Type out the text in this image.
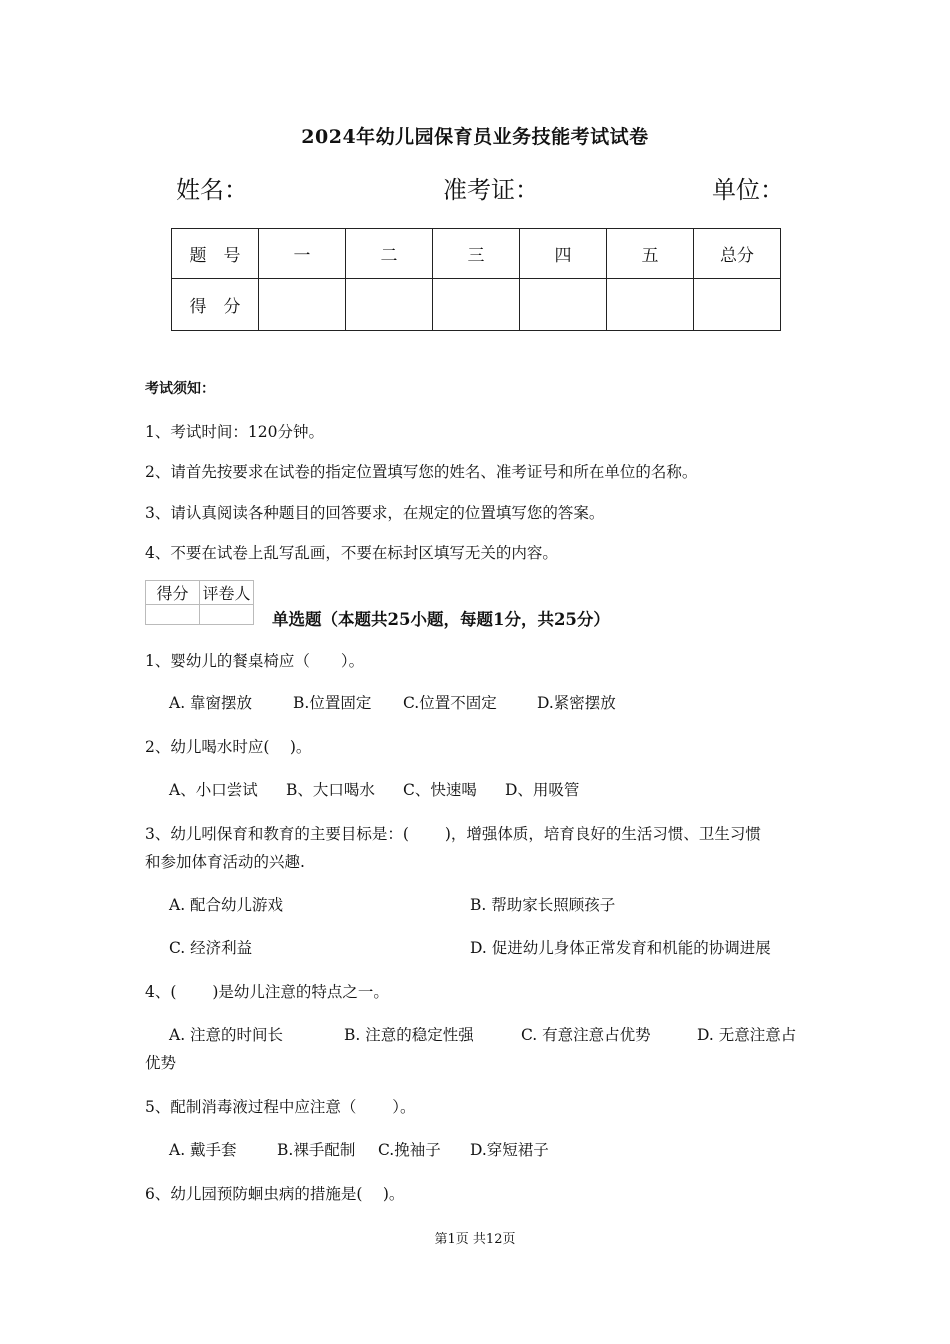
2024年幼儿园保育员业务技能考试试卷
姓名：	准考证：	单位：
题　号	一	二	三	四	五	总分
得　分						
考试须知：
1、考试时间：120分钟。
2、请首先按要求在试卷的指定位置填写您的姓名、准考证号和所在单位的名称。
3、请认真阅读各种题目的回答要求，在规定的位置填写您的答案。
4、不要在试卷上乱写乱画，不要在标封区填写无关的内容。
得分	评卷人

单选题（本题共25小题，每题1分，共25分）
1、婴幼儿的餐桌椅应（　　）。
A. 靠窗摆放	B.位置固定 C.位置不固定	D.紧密摆放
2、幼儿喝水时应(　 )。
A、小口尝试 B、大口喝水 C、快速喝 D、用吸管
3、幼儿吲保育和教育的主要目标是：(　　 )，增强体质，培育良好的生活习惯、卫生习惯
和参加体育活动的兴趣.
A. 配合幼儿游戏	B. 帮助家长照顾孩子
C. 经济利益	D. 促进幼儿身体正常发育和机能的协调进展
4、(　　 )是幼儿注意的特点之一。
A. 注意的时间长	B. 注意的稳定性强	C. 有意注意占优势	D. 无意注意占
优势
5、配制消毒液过程中应注意（　　 ）。
A. 戴手套	B.裸手配制 C.挽袖子 D.穿短裙子
6、幼儿园预防蛔虫病的措施是(　 )。
第1页 共12页
